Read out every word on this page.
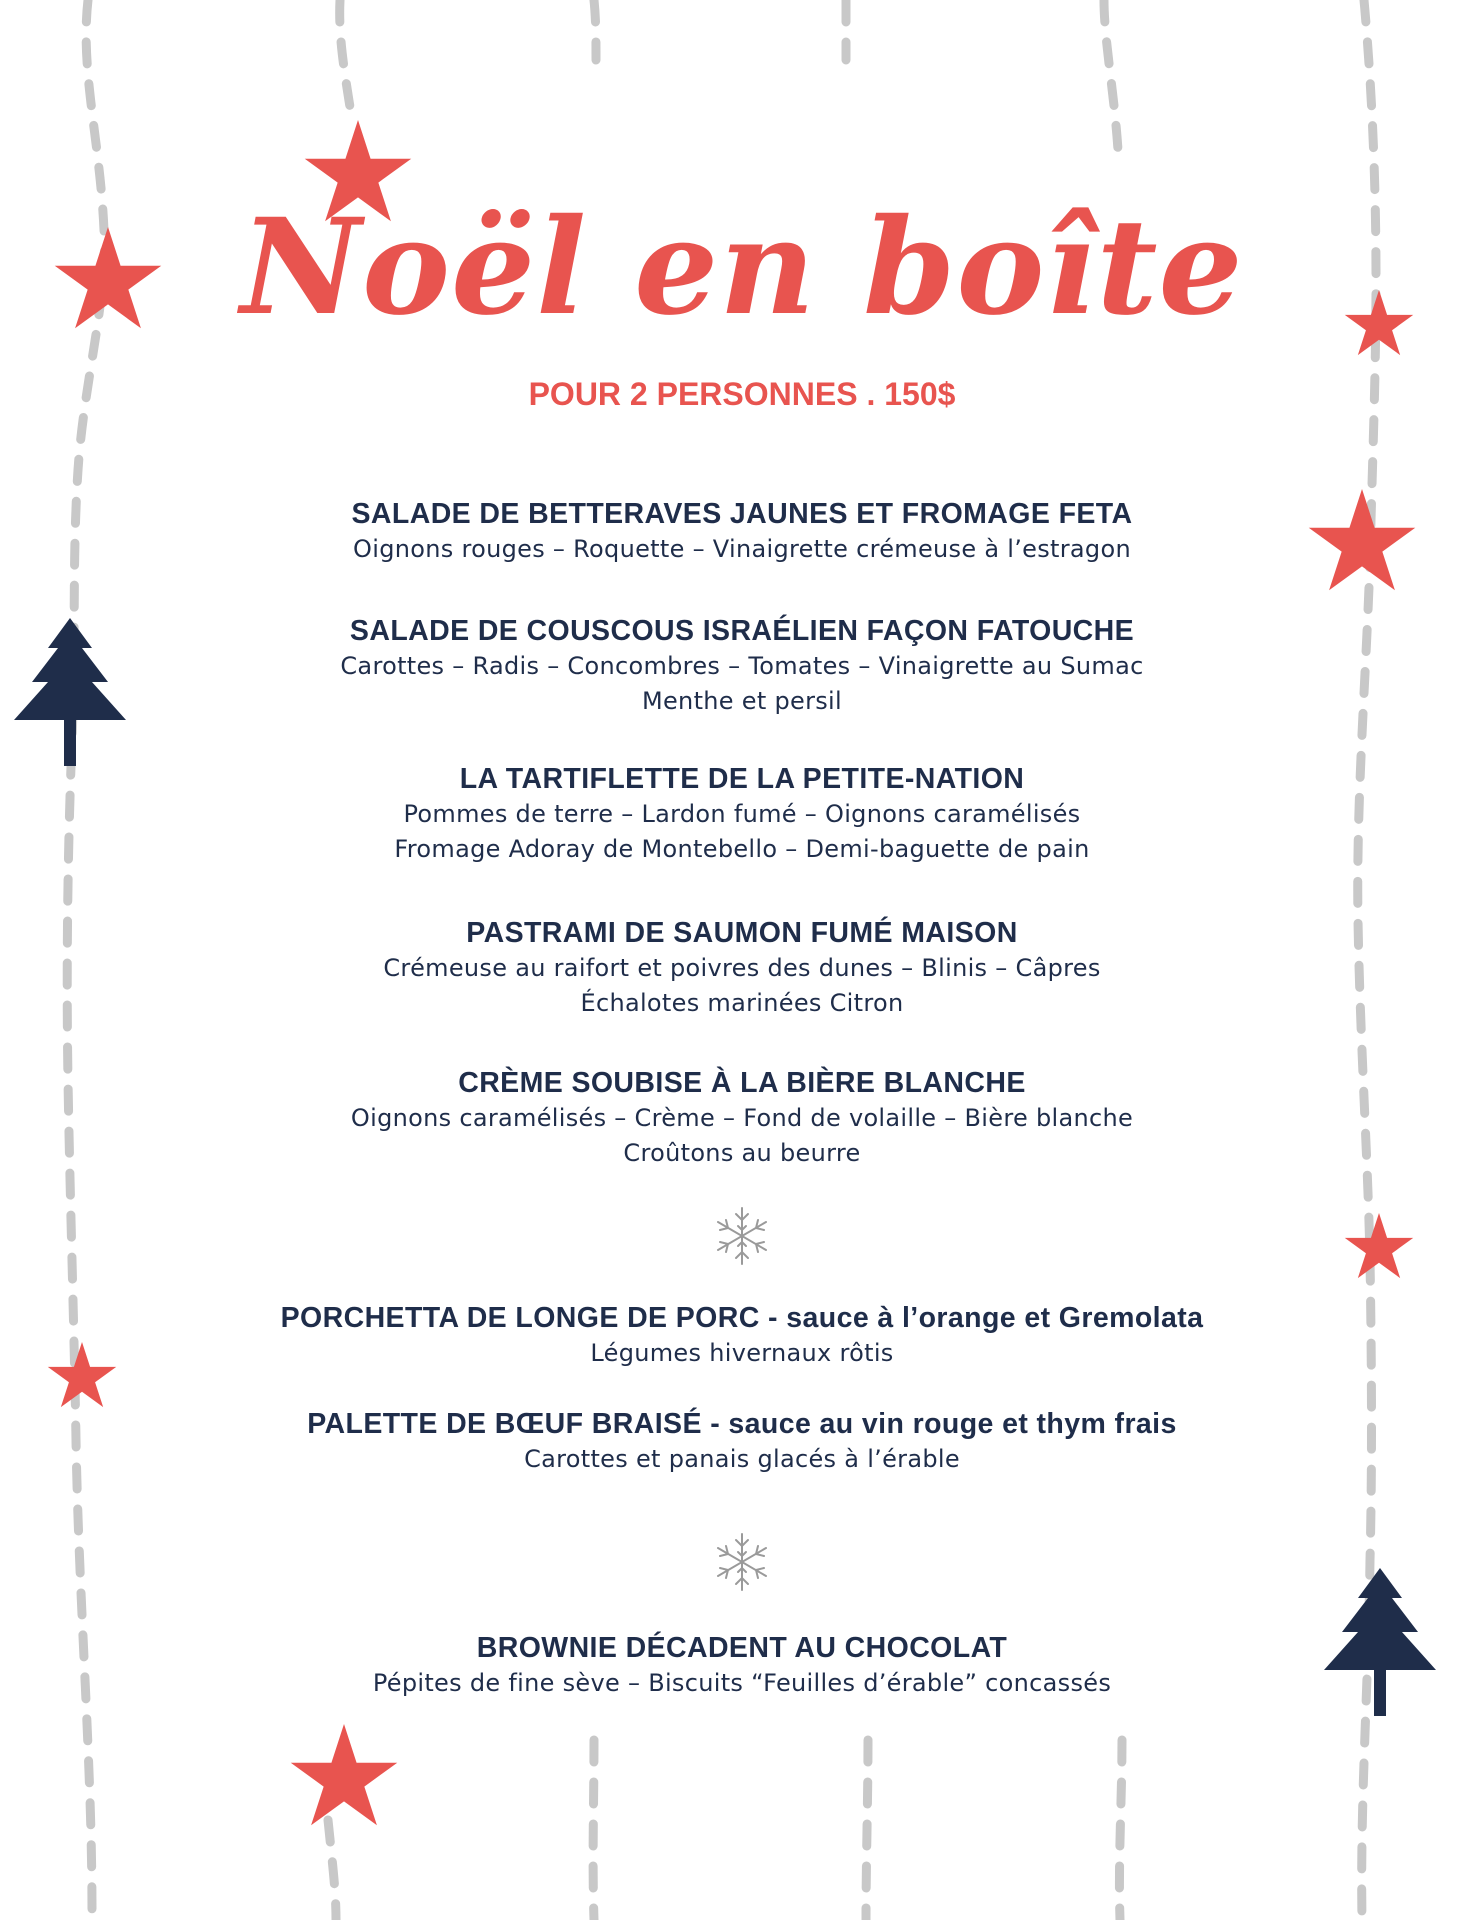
Noël en boîte
POUR 2 PERSONNES . 150$
SALADE DE BETTERAVES JAUNES ET FROMAGE FETA

Oignons rouges – Roquette – Vinaigrette crémeuse à l’estragon

SALADE DE COUSCOUS ISRAÉLIEN FAÇON FATOUCHE

Carottes – Radis – Concombres – Tomates – Vinaigrette au Sumac

Menthe et persil

LA TARTIFLETTE DE LA PETITE-NATION

Pommes de terre – Lardon fumé – Oignons caramélisés

Fromage Adoray de Montebello – Demi-baguette de pain

PASTRAMI DE SAUMON FUMÉ MAISON

Crémeuse au raifort et poivres des dunes – Blinis – Câpres

Échalotes marinées Citron

CRÈME SOUBISE À LA BIÈRE BLANCHE

Oignons caramélisés – Crème – Fond de volaille – Bière blanche

Croûtons au beurre

PORCHETTA DE LONGE DE PORC - sauce à l’orange et Gremolata

Légumes hivernaux rôtis

PALETTE DE BŒUF BRAISÉ - sauce au vin rouge et thym frais

Carottes et panais glacés à l’érable

BROWNIE DÉCADENT AU CHOCOLAT

Pépites de fine sève – Biscuits “Feuilles d’érable” concassés
